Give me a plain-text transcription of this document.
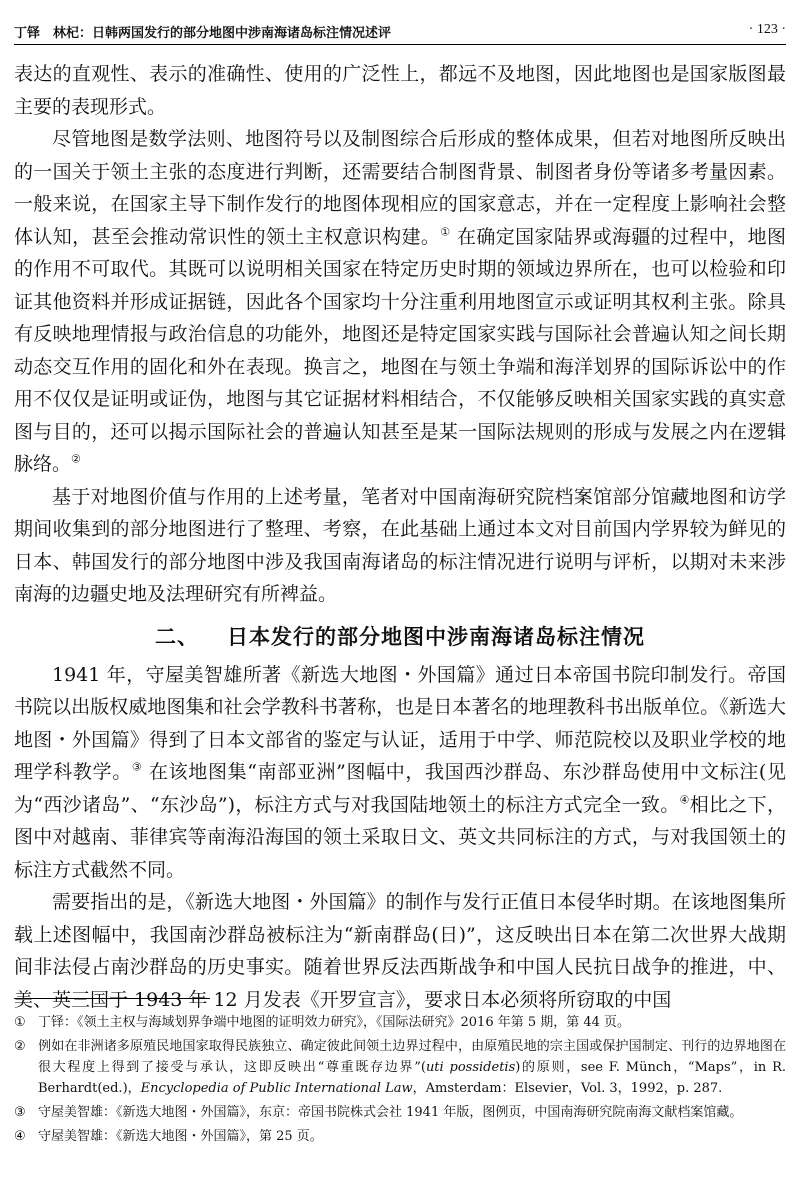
丁铎　林杞：日韩两国发行的部分地图中涉南海诸岛标注情况述评	· 123 ·

表达的直观性、表示的准确性、使用的广泛性上，都远不及地图，因此地图也是国家版图最主要的表现形式。

尽管地图是数学法则、地图符号以及制图综合后形成的整体成果，但若对地图所反映出的一国关于领土主张的态度进行判断，还需要结合制图背景、制图者身份等诸多考量因素。一般来说，在国家主导下制作发行的地图体现相应的国家意志，并在一定程度上影响社会整体认知，甚至会推动常识性的领土主权意识构建。① 在确定国家陆界或海疆的过程中，地图的作用不可取代。其既可以说明相关国家在特定历史时期的领域边界所在，也可以检验和印证其他资料并形成证据链，因此各个国家均十分注重利用地图宣示或证明其权利主张。除具有反映地理情报与政治信息的功能外，地图还是特定国家实践与国际社会普遍认知之间长期动态交互作用的固化和外在表现。换言之，地图在与领土争端和海洋划界的国际诉讼中的作用不仅仅是证明或证伪，地图与其它证据材料相结合，不仅能够反映相关国家实践的真实意图与目的，还可以揭示国际社会的普遍认知甚至是某一国际法规则的形成与发展之内在逻辑脉络。②

基于对地图价值与作用的上述考量，笔者对中国南海研究院档案馆部分馆藏地图和访学期间收集到的部分地图进行了整理、考察，在此基础上通过本文对目前国内学界较为鲜见的日本、韩国发行的部分地图中涉及我国南海诸岛的标注情况进行说明与评析，以期对未来涉南海的边疆史地及法理研究有所裨益。

二、 日本发行的部分地图中涉南海诸岛标注情况

1941 年，守屋美智雄所著《新选大地图・外国篇》通过日本帝国书院印制发行。帝国书院以出版权威地图集和社会学教科书著称，也是日本著名的地理教科书出版单位。《新选大地图・外国篇》得到了日本文部省的鉴定与认证，适用于中学、师范院校以及职业学校的地理学科教学。③ 在该地图集“南部亚洲”图幅中，我国西沙群岛、东沙群岛使用中文标注(见为“西沙诸岛”、“东沙岛”)，标注方式与对我国陆地领土的标注方式完全一致。④相比之下，图中对越南、菲律宾等南海沿海国的领土采取日文、英文共同标注的方式，与对我国领土的标注方式截然不同。

需要指出的是，《新选大地图・外国篇》的制作与发行正值日本侵华时期。在该地图集所载上述图幅中，我国南沙群岛被标注为“新南群岛(日)”，这反映出日本在第二次世界大战期间非法侵占南沙群岛的历史事实。随着世界反法西斯战争和中国人民抗日战争的推进，中、美、英三国于 1943 年 12 月发表《开罗宣言》，要求日本必须将所窃取的中国

① 丁铎：《领土主权与海域划界争端中地图的证明效力研究》，《国际法研究》2016 年第 5 期，第 44 页。

② 例如在非洲诸多原殖民地国家取得民族独立、确定彼此间领土边界过程中，由原殖民地的宗主国或保护国制定、刊行的边界地图在很大程度上得到了接受与承认，这即反映出“尊重既存边界”(uti possidetis)的原则，see F. Münch，“Maps”，in R. Berhardt(ed.)，Encyclopedia of Public International Law，Amsterdam：Elsevier，Vol. 3，1992，p. 287.

③ 守屋美智雄：《新选大地图・外国篇》，东京：帝国书院株式会社 1941 年版，图例页，中国南海研究院南海文献档案馆藏。

④ 守屋美智雄：《新选大地图・外国篇》，第 25 页。
